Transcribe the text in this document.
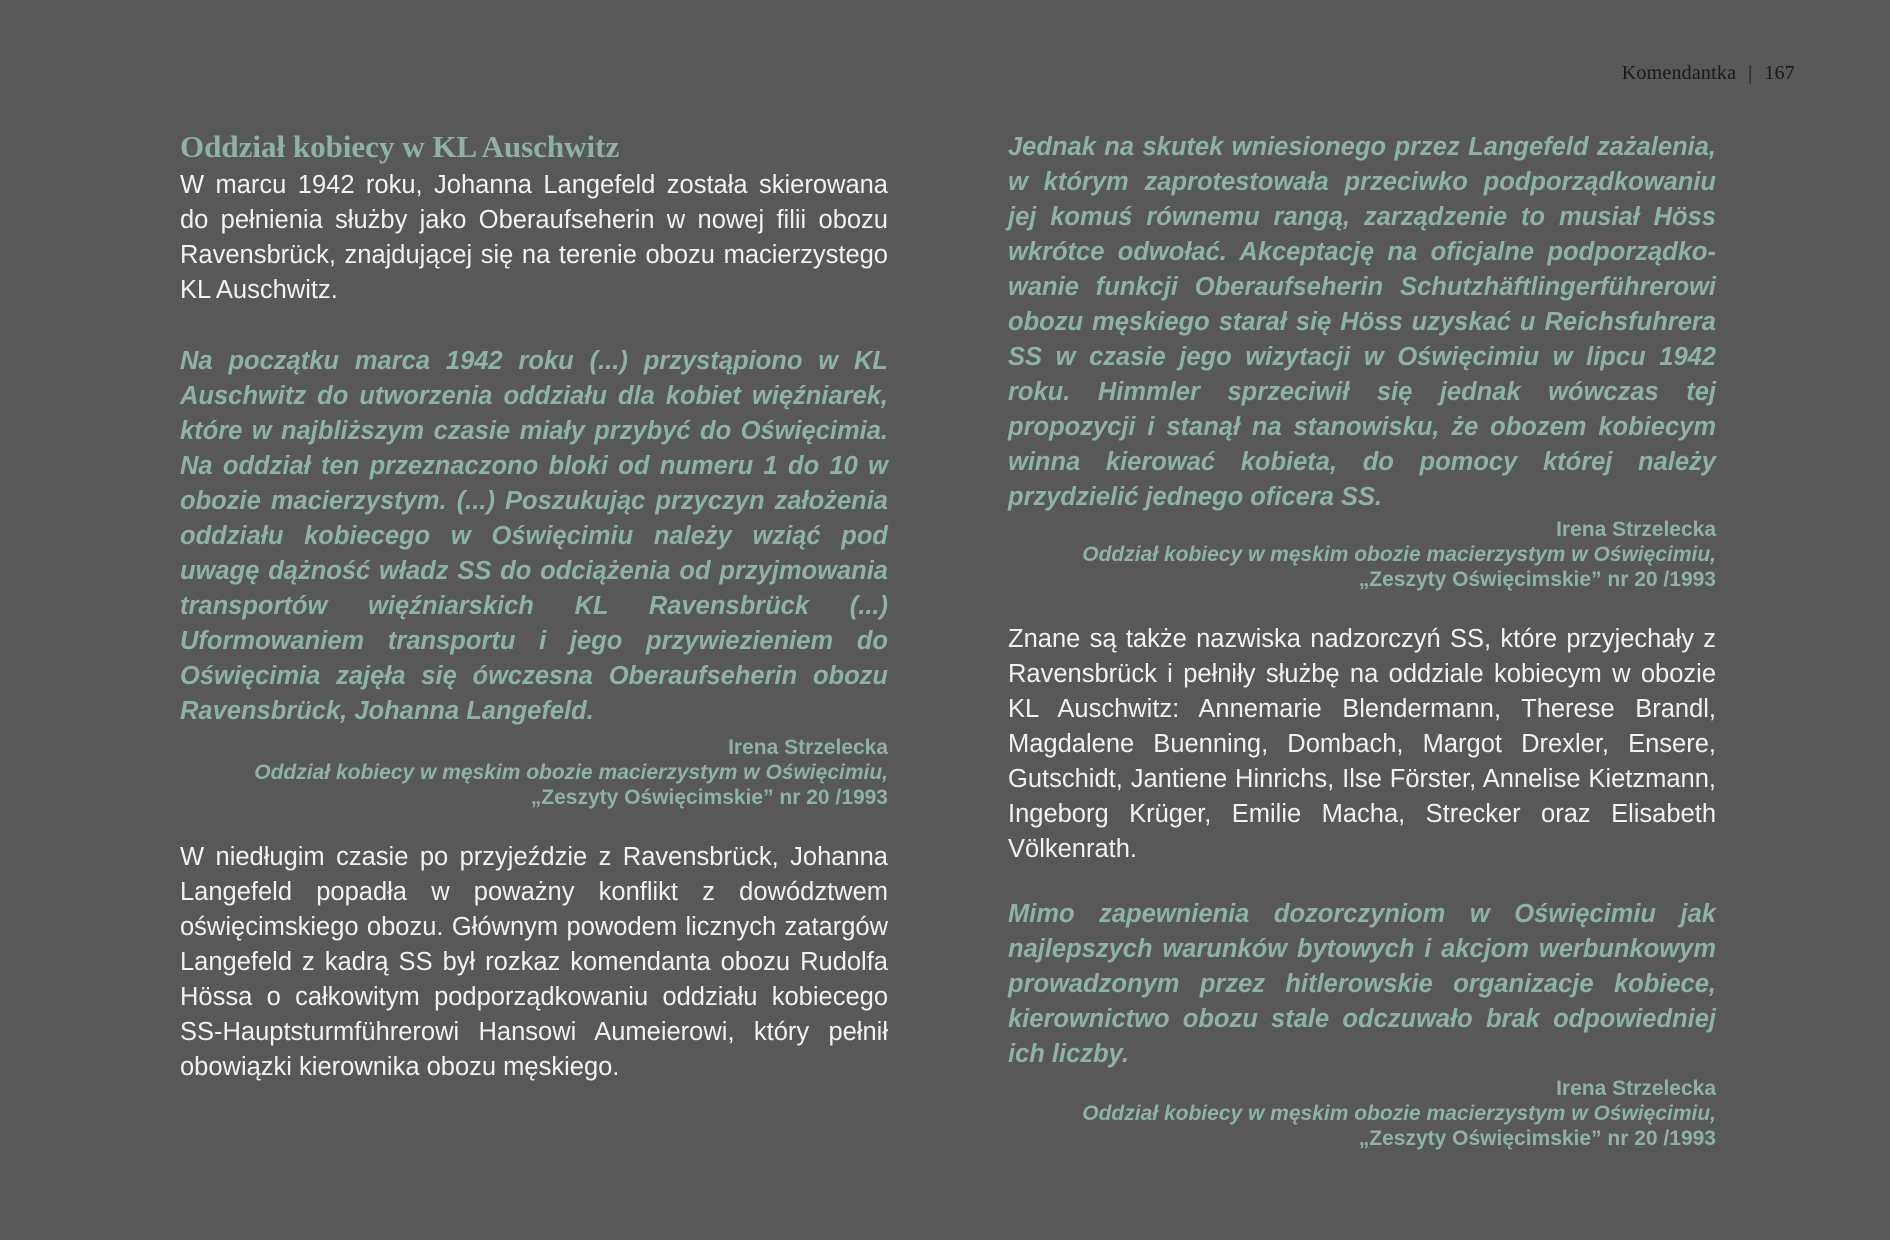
Komendantka | 167
Oddział kobiecy w KL Auschwitz

W marcu 1942 roku, Johanna Langefeld została skierowana do pełnienia służby jako Oberaufseherin w nowej filii obozu Ravensbrück, znajdującej się na terenie obozu macierzystego KL Auschwitz.

Na początku marca 1942 roku (...) przystąpiono w KL Auschwitz do utworzenia oddziału dla kobiet więźniarek, które w najbliższym czasie miały przybyć do Oświęcimia. Na oddział ten przeznaczono bloki od numeru 1 do 10 w obozie macierzystym. (...) Poszukując przyczyn założenia oddziału kobiecego w Oświęcimiu należy wziąć pod uwagę dążność władz SS do odciążenia od przyjmowania transportów więźniarskich KL Ravensbrück (...) Uformowaniem transportu i jego przywiezieniem do Oświęcimia zajęła się ówczesna Oberaufseherin obozu Ravensbrück, Johanna Langefeld.

Irena Strzelecka
Oddział kobiecy w męskim obozie macierzystym w Oświęcimiu,
„Zeszyty Oświęcimskie” nr 20 /1993

W niedługim czasie po przyjeździe z Ravensbrück, Johanna Langefeld popadła w poważny konflikt z dowództwem oświęcimskiego obozu. Głównym powodem licznych zatargów Langefeld z kadrą SS był rozkaz komendanta obozu Rudolfa Hössa o całkowitym podporządkowaniu oddziału kobiecego SS-Hauptsturmführerowi Hansowi Aumeierowi, który pełnił obowiązki kierownika obozu męskiego.

Jednak na skutek wniesionego przez Langefeld zażalenia, w którym zaprotestowała przeciwko podporządkowaniu jej komuś równemu rangą, zarządzenie to musiał Höss wkrótce odwołać. Akceptację na oficjalne podporządko-wanie funkcji Oberaufseherin Schutzhäftlingerführerowi obozu męskiego starał się Höss uzyskać u Reichsfuhrera SS w czasie jego wizytacji w Oświęcimiu w lipcu 1942 roku. Himmler sprzeciwił się jednak wówczas tej propozycji i stanął na stanowisku, że obozem kobiecym winna kierować kobieta, do pomocy której należy przydzielić jednego oficera SS.

Irena Strzelecka
Oddział kobiecy w męskim obozie macierzystym w Oświęcimiu,
„Zeszyty Oświęcimskie” nr 20 /1993

Znane są także nazwiska nadzorczyń SS, które przyjechały z Ravensbrück i pełniły służbę na oddziale kobiecym w obozie KL Auschwitz: Annemarie Blendermann, Therese Brandl, Magdalene Buenning, Dombach, Margot Drexler, Ensere, Gutschidt, Jantiene Hinrichs, Ilse Förster, Annelise Kietzmann, Ingeborg Krüger, Emilie Macha, Strecker oraz Elisabeth Völkenrath.

Mimo zapewnienia dozorczyniom w Oświęcimiu jak najlepszych warunków bytowych i akcjom werbunkowym prowadzonym przez hitlerowskie organizacje kobiece, kierownictwo obozu stale odczuwało brak odpowiedniej ich liczby.

Irena Strzelecka
Oddział kobiecy w męskim obozie macierzystym w Oświęcimiu,
„Zeszyty Oświęcimskie” nr 20 /1993
